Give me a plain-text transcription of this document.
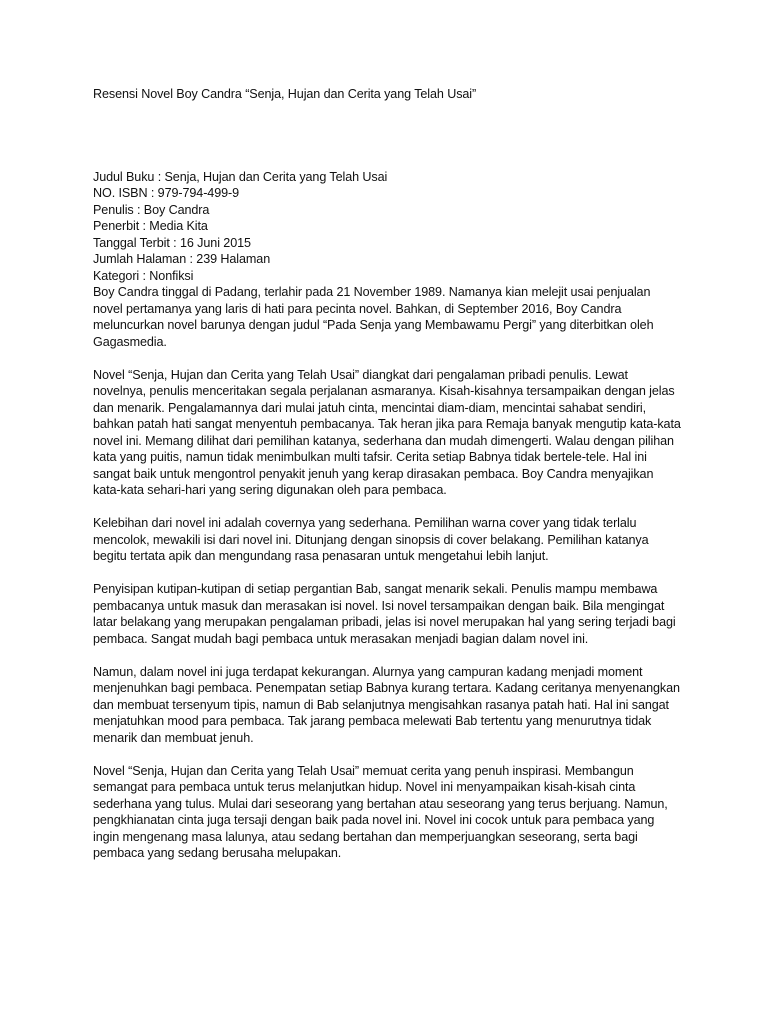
Resensi Novel Boy Candra “Senja, Hujan dan Cerita yang Telah Usai”
Judul Buku : Senja, Hujan dan Cerita yang Telah Usai
NO. ISBN : 979-794-499-9
Penulis : Boy Candra
Penerbit : Media Kita
Tanggal Terbit : 16 Juni 2015
Jumlah Halaman : 239 Halaman
Kategori : Nonfiksi

Boy Candra tinggal di Padang, terlahir pada 21 November 1989. Namanya kian melejit usai penjualan novel pertamanya yang laris di hati para pecinta novel. Bahkan, di September 2016, Boy Candra meluncurkan novel barunya dengan judul “Pada Senja yang Membawamu Pergi” yang diterbitkan oleh Gagasmedia.

Novel “Senja, Hujan dan Cerita yang Telah Usai” diangkat dari pengalaman pribadi penulis. Lewat novelnya, penulis menceritakan segala perjalanan asmaranya. Kisah-kisahnya tersampaikan dengan jelas dan menarik. Pengalamannya dari mulai jatuh cinta, mencintai diam-diam, mencintai sahabat sendiri, bahkan patah hati sangat menyentuh pembacanya. Tak heran jika para Remaja banyak mengutip kata-kata novel ini. Memang dilihat dari pemilihan katanya, sederhana dan mudah dimengerti. Walau dengan pilihan kata yang puitis, namun tidak menimbulkan multi tafsir. Cerita setiap Babnya tidak bertele-tele. Hal ini sangat baik untuk mengontrol penyakit jenuh yang kerap dirasakan pembaca. Boy Candra menyajikan kata-kata sehari-hari yang sering digunakan oleh para pembaca.

Kelebihan dari novel ini adalah covernya yang sederhana. Pemilihan warna cover yang tidak terlalu mencolok, mewakili isi dari novel ini. Ditunjang dengan sinopsis di cover belakang. Pemilihan katanya begitu tertata apik dan mengundang rasa penasaran untuk mengetahui lebih lanjut.

Penyisipan kutipan-kutipan di setiap pergantian Bab, sangat menarik sekali. Penulis mampu membawa pembacanya untuk masuk dan merasakan isi novel. Isi novel tersampaikan dengan baik. Bila mengingat latar belakang yang merupakan pengalaman pribadi, jelas isi novel merupakan hal yang sering terjadi bagi pembaca. Sangat mudah bagi pembaca untuk merasakan menjadi bagian dalam novel ini.

Namun, dalam novel ini juga terdapat kekurangan. Alurnya yang campuran kadang menjadi moment menjenuhkan bagi pembaca. Penempatan setiap Babnya kurang tertara. Kadang ceritanya menyenangkan dan membuat tersenyum tipis, namun di Bab selanjutnya mengisahkan rasanya patah hati. Hal ini sangat menjatuhkan mood para pembaca. Tak jarang pembaca melewati Bab tertentu yang menurutnya tidak menarik dan membuat jenuh.

Novel “Senja, Hujan dan Cerita yang Telah Usai” memuat cerita yang penuh inspirasi. Membangun semangat para pembaca untuk terus melanjutkan hidup. Novel ini menyampaikan kisah-kisah cinta sederhana yang tulus. Mulai dari seseorang yang bertahan atau seseorang yang terus berjuang. Namun, pengkhianatan cinta juga tersaji dengan baik pada novel ini. Novel ini cocok untuk para pembaca yang ingin mengenang masa lalunya, atau sedang bertahan dan memperjuangkan seseorang, serta bagi pembaca yang sedang berusaha melupakan.
